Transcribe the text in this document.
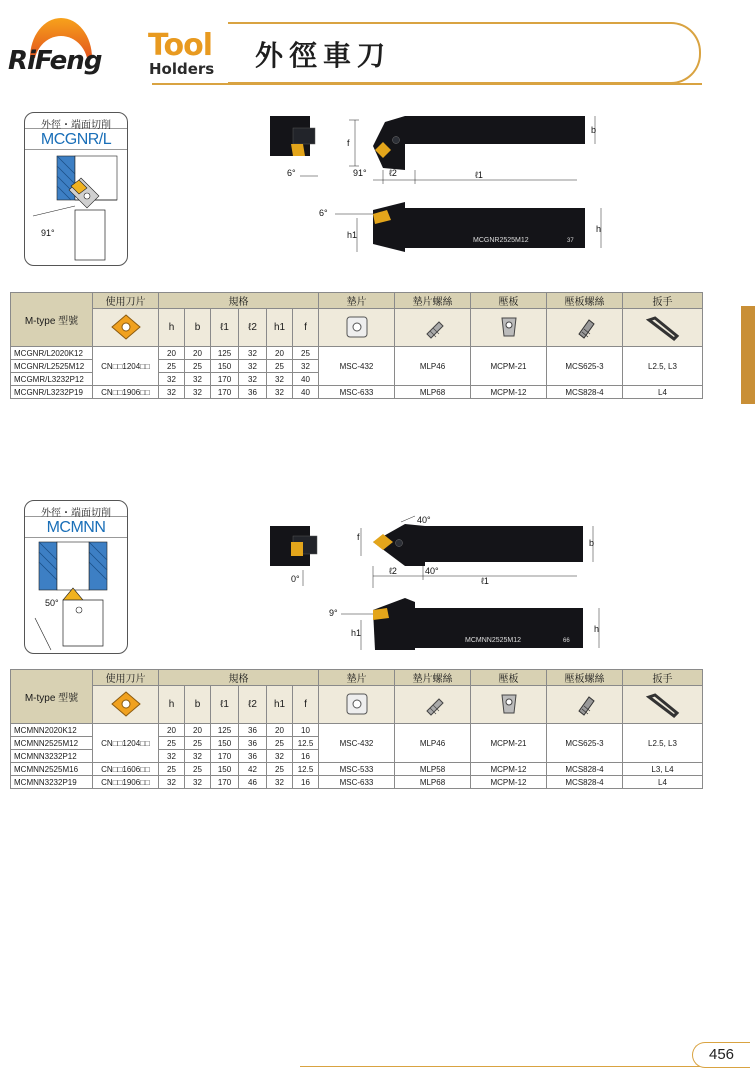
RiFeng Tool
Holders 外徑車刀
外徑・端面切削
MCGNR/L
91°
6°
f
b
ℓ2	ℓ1
91°
MCGNR2525M12	37
6°
h1
h
M-type 型號	使用刀片	規格						墊片	墊片螺絲	壓板	壓板螺絲	扳手
	h	b	ℓ1	ℓ2	h1	f					
MCGNR/L2020K12	CN□□1204□□	20	20	125	32	20	25	MSC-432	MLP46	MCPM-21	MCS625-3	L2.5, L3
MCGNR/L2525M12		25	25	150	32	25	32					
MCGMR/L3232P12		32	32	170	32	32	40					
MCGNR/L3232P19	CN□□1906□□	32	32	170	36	32	40	MSC-633	MLP68	MCPM-12	MCS828-4	L4
外徑・端面切削
MCMNN
50°
0°
40°
f
b
ℓ2	40°
ℓ1
MCMNN2525M12	66
9°
h1	h
M-type 型號	使用刀片	規格						墊片	墊片螺絲	壓板	壓板螺絲	扳手
	h	b	ℓ1	ℓ2	h1	f					
MCMNN2020K12	CN□□1204□□	20	20	125	36	20	10	MSC-432	MLP46	MCPM-21	MCS625-3	L2.5, L3
MCMNN2525M12		25	25	150	36	25	12.5					
MCMNN3232P12		32	32	170	36	32	16					
MCMNN2525M16	CN□□1606□□	25	25	150	42	25	12.5	MSC-533	MLP58	MCPM-12	MCS828-4	L3, L4
MCMNN3232P19	CN□□1906□□	32	32	170	46	32	16	MSC-633	MLP68	MCPM-12	MCS828-4	L4
456
